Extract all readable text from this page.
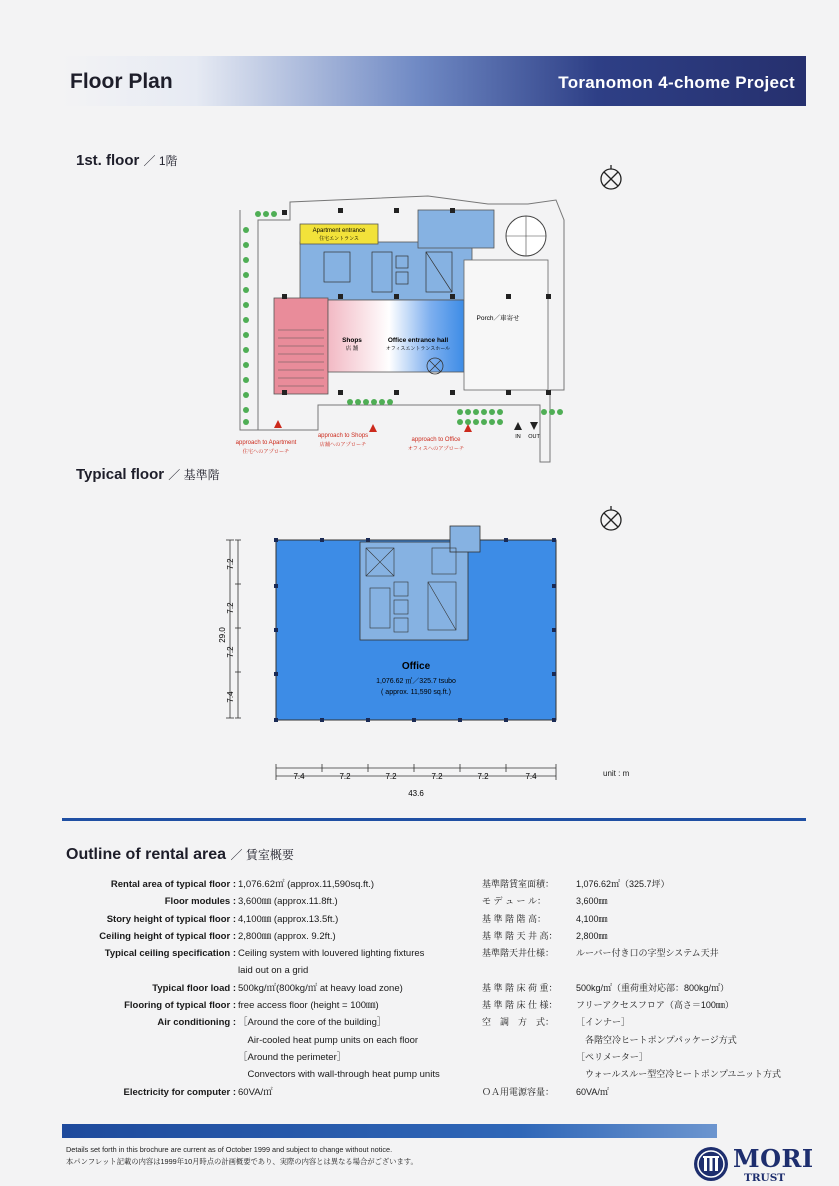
Floor Plan	Toranomon 4-chome Project
1st. floor ／ 1階
Apartment entrance
住宅エントランス
Shops
店 舗
Office entrance hall
オフィスエントランスホール
Porch／車寄せ
approach to Apartment
住宅へのアプローチ
approach to Shops
店舗へのアプローチ
approach to Office
オフィスへのアプローチ
IN OUT
Typical floor ／ 基準階
29.0
7.2
7.2
7.2
7.4
Office
1,076.62 ㎡／325.7 tsubo
( approx. 11,590 sq.ft.)
7.4	7.2	7.2	7.2	7.2	7.4
43.6
unit : m
Outline of rental area ／ 賃室概要
Rental area of typical floor : 1,076.62㎡ (approx.11,590sq.ft.)
Floor modules : 3,600㎜ (approx.11.8ft.)
Story height of typical floor : 4,100㎜ (approx.13.5ft.)
Ceiling height of typical floor : 2,800㎜ (approx. 9.2ft.)
Typical ceiling specification : Ceiling system with louvered lighting fixtures
laid out on a grid
Typical floor load : 500kg/㎡(800kg/㎡ at heavy load zone)
Flooring of typical floor : free access floor (height = 100㎜)
Air conditioning : ［Around the core of the building］
　Air-cooled heat pump units on each floor
［Around the perimeter］
　Convectors with wall-through heat pump units
Electricity for computer : 60VA/㎡
基準階賃室面積：	1,076.62㎡（325.7坪）
モ デ ュ ー ル：	3,600㎜
基 準 階 階 高：	4,100㎜
基 準 階 天 井 高：	2,800㎜
基準階天井仕様：	ルーバー付き口の字型システム天井
基 準 階 床 荷 重：	500kg/㎡（重荷重対応部：800kg/㎡）
基 準 階 床 仕 様：	フリーアクセスフロア（高さ＝100㎜）
空　調　方　式：	［インナー］
　各階空冷ヒートポンプパッケージ方式
［ペリメーター］
　ウォールスルー型空冷ヒートポンプユニット方式
ＯＡ用電源容量：	60VA/㎡
Details set forth in this brochure are current as of October 1999 and subject to change without notice.
本パンフレット記載の内容は1999年10月時点の計画概要であり、実際の内容とは異なる場合がございます。	MORI
TRUST
